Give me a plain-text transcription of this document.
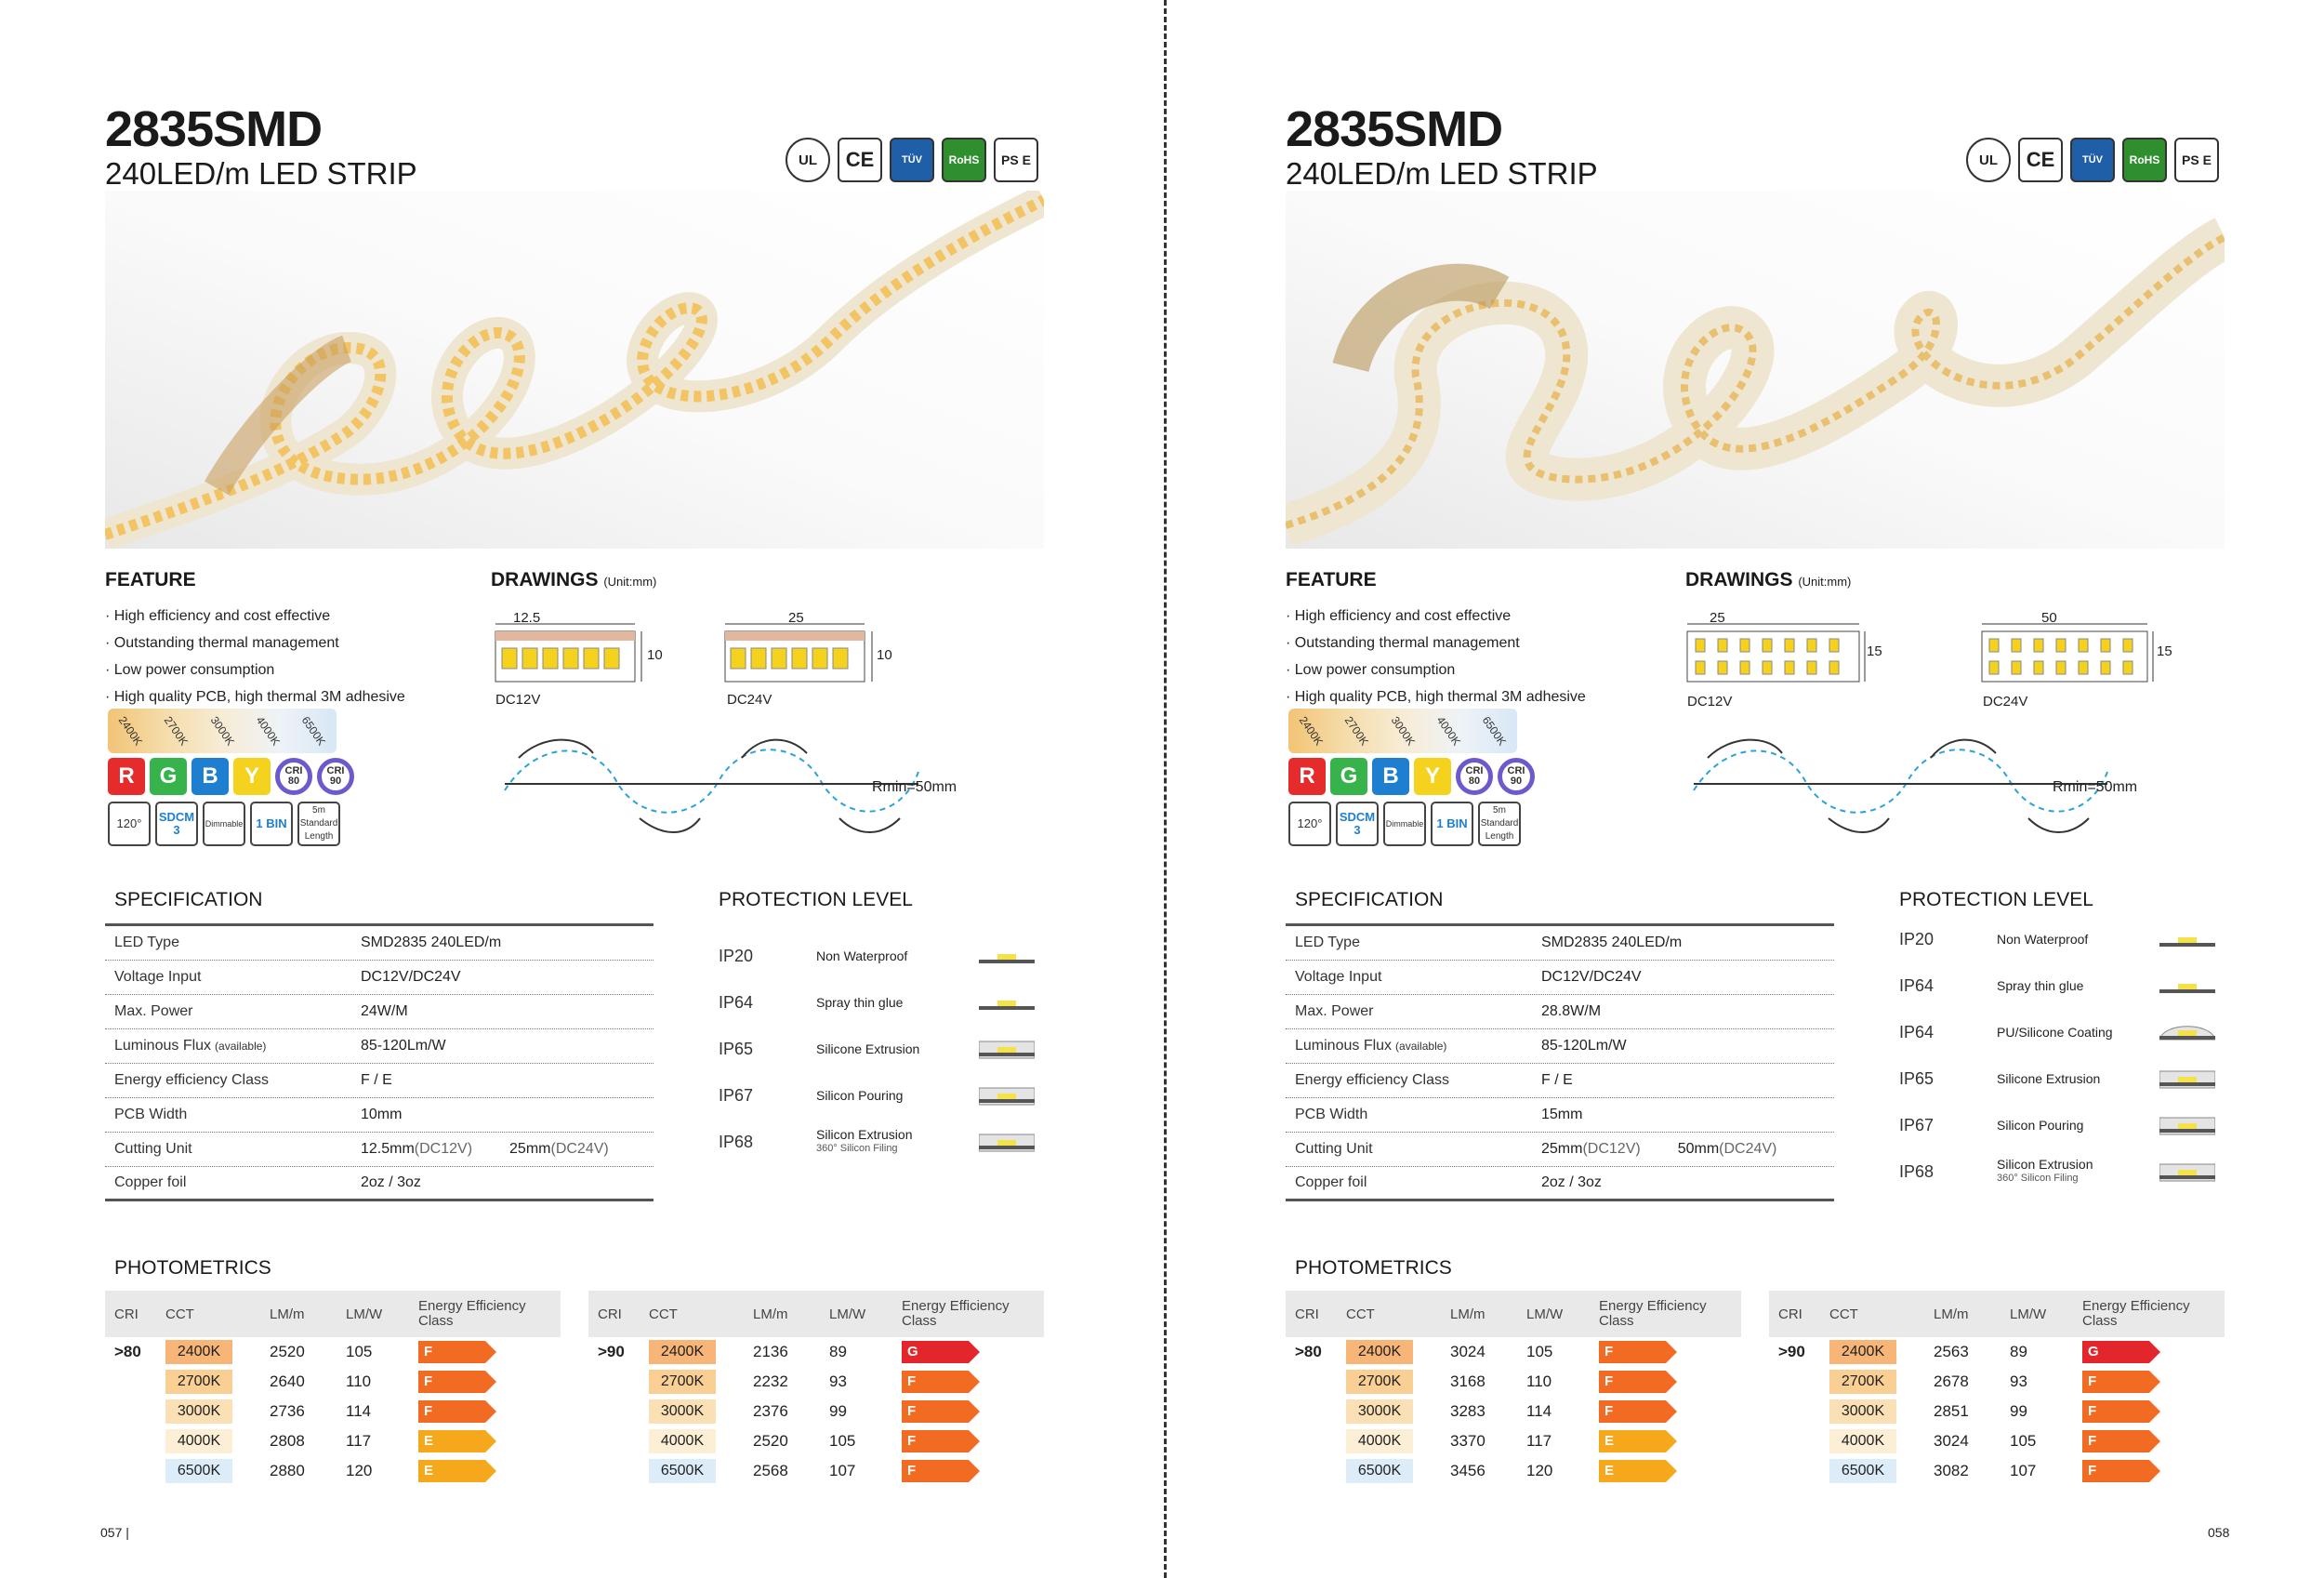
2835SMD
240LED/m LED STRIP	UL	CE	TÜV	RoHS	PS E
FEATURE
· High efficiency and cost effective
· Outstanding thermal management
· Low power consumption
· High quality PCB, high thermal 3M adhesive
2400K 2700K 3000K 4000K 6500K
R	G	B	Y	CRI 80
CRI 90
120°	SDCM 3	Dimmable	1 BIN
5m Standard Length
DRAWINGS (Unit:mm)
12.5
10
DC12V
25
10
DC24V
Rmin=50mm
SPECIFICATION
LED Type	SMD2835 240LED/m
Voltage Input	DC12V/DC24V
Max. Power	24W/M
Luminous Flux (available)	85-120Lm/W
Energy efficiency Class	F / E
PCB Width	10mm
Cutting Unit	12.5mm (DC12V)	25mm(DC24V)
Copper foil	2oz / 3oz
PROTECTION LEVEL
IP20	Non Waterproof
IP64	Spray thin glue
IP65	Silicone Extrusion
IP67	Silicon Pouring
IP68	Silicon Extrusion
360° Silicon Filing
PHOTOMETRICS
CRI	CCT	LM/m	LM/W	Energy Efficiency Class
>80	2400K	2520	105	F
2700K	2640	110	F
3000K	2736	114	F
4000K	2808	117	E
6500K	2880	120	E
CRI	CCT	LM/m	LM/W	Energy Efficiency Class
>90	2400K	2136	89	G
2700K	2232	93	F
3000K	2376	99	F
4000K	2520	105	F
6500K	2568	107	F
057 |
2835SMD
240LED/m LED STRIP	UL	CE	TÜV	RoHS	PS E
FEATURE
· High efficiency and cost effective
· Outstanding thermal management
· Low power consumption
· High quality PCB, high thermal 3M adhesive
2400K 2700K 3000K 4000K 6500K
R	G	B	Y	CRI 80
CRI 90
120°	SDCM 3	Dimmable	1 BIN
5m Standard Length
DRAWINGS (Unit:mm)
25
15
DC12V
50
15
DC24V
Rmin=50mm
SPECIFICATION
LED Type	SMD2835 240LED/m
Voltage Input	DC12V/DC24V
Max. Power	28.8W/M
Luminous Flux (available)	85-120Lm/W
Energy efficiency Class	F / E
PCB Width	15mm
Cutting Unit	25mm (DC12V)	50mm(DC24V)
Copper foil	2oz / 3oz
PROTECTION LEVEL
IP20	Non Waterproof
IP64	Spray thin glue
IP64	PU/Silicone Coating
IP65	Silicone Extrusion
IP67	Silicon Pouring
IP68	Silicon Extrusion
360° Silicon Filing
PHOTOMETRICS
CRI	CCT	LM/m	LM/W	Energy Efficiency Class
>80	2400K	3024	105	F
2700K	3168	110	F
3000K	3283	114	F
4000K	3370	117	E
6500K	3456	120	E
CRI	CCT	LM/m	LM/W	Energy Efficiency Class
>90	2400K	2563	89	G
2700K	2678	93	F
3000K	2851	99	F
4000K	3024	105	F
6500K	3082	107	F
058
